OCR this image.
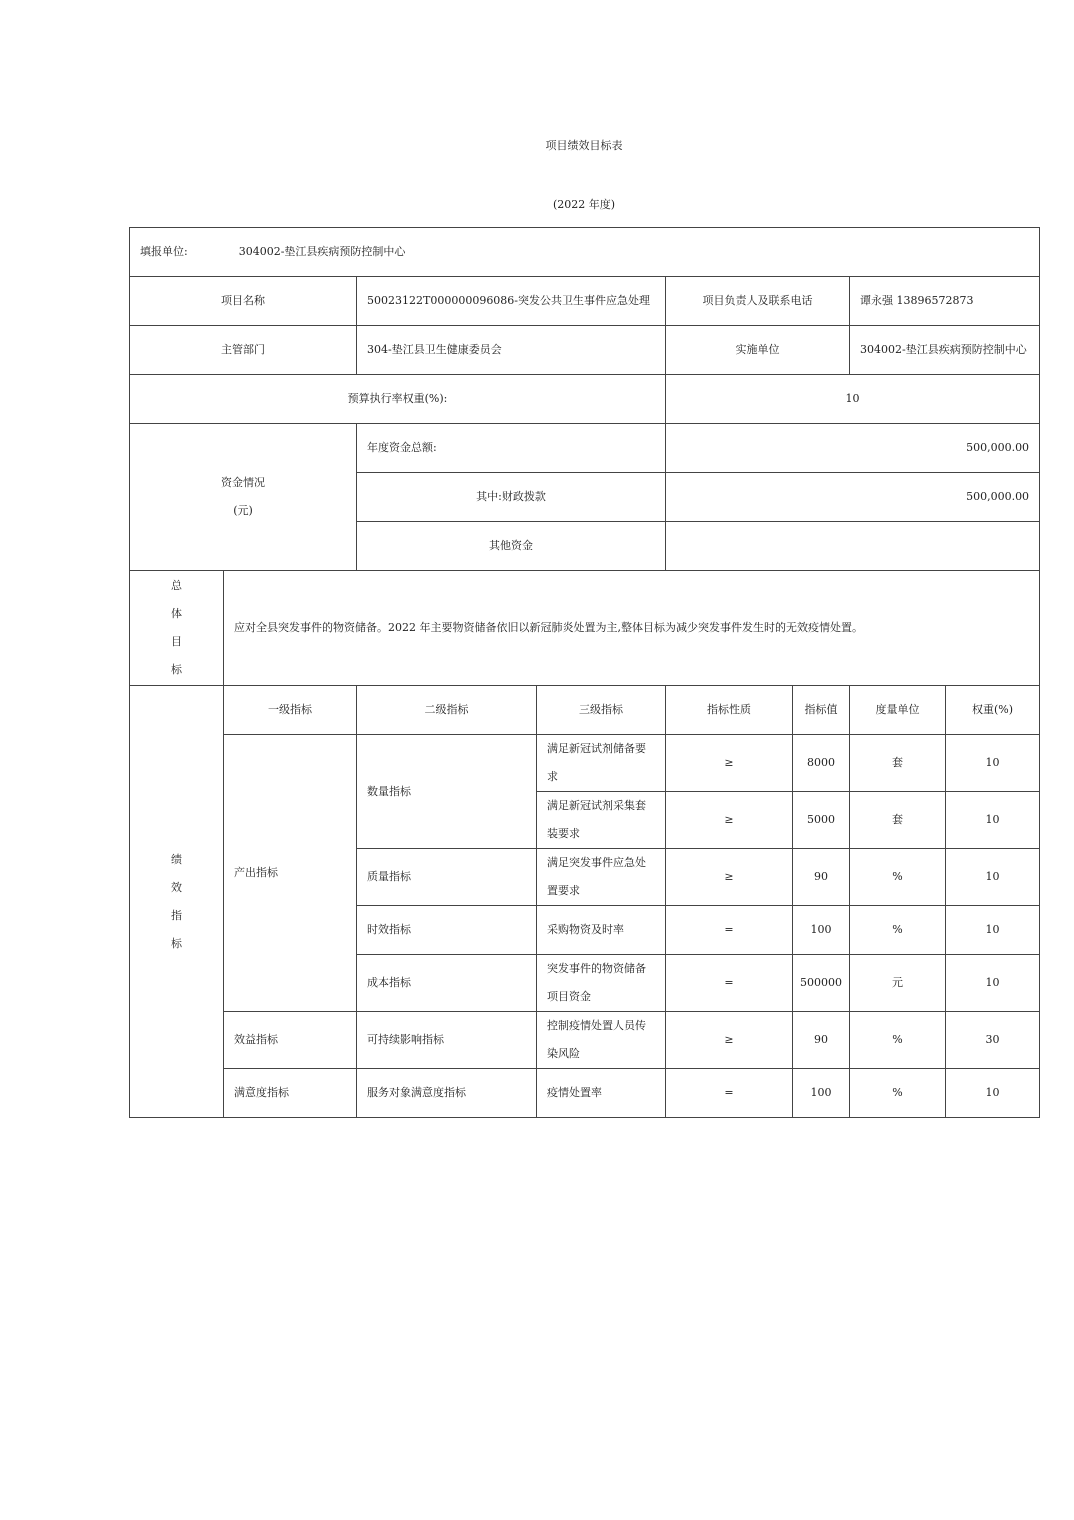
项目绩效目标表
(2022 年度)
填报单位: 304002-垫江县疾病预防控制中心							
项目名称		50023122T000000096086-突发公共卫生事件应急处理		项目负责人及联系电话		谭永强 13896572873	
主管部门		304-垫江县卫生健康委员会		实施单位		304002-垫江县疾病预防控制中心	
预算执行率权重(%):				10			

资金情况
(元)		年度资金总额:		500,000.00			
		其中:财政拨款		500,000.00			
		其他资金					

总
体
目
标	应对全县突发事件的物资储备。2022 年主要物资储备依旧以新冠肺炎处置为主,整体目标为减少突发事件发生时的无效疫情处置。						

绩
效
指
标	一级指标	二级指标	三级指标	指标性质	指标值	度量单位	权重(%)
	产出指标	数量指标	满足新冠试剂储备要求	≥	8000	套	10
			满足新冠试剂采集套装要求	≥	5000	套	10
		质量指标	满足突发事件应急处置要求	≥	90	%	10
		时效指标	采购物资及时率	=	100	%	10
		成本指标	突发事件的物资储备项目资金	=	500000	元	10
	效益指标	可持续影响指标	控制疫情处置人员传染风险	≥	90	%	30
	满意度指标	服务对象满意度指标	疫情处置率	=	100	%	10
